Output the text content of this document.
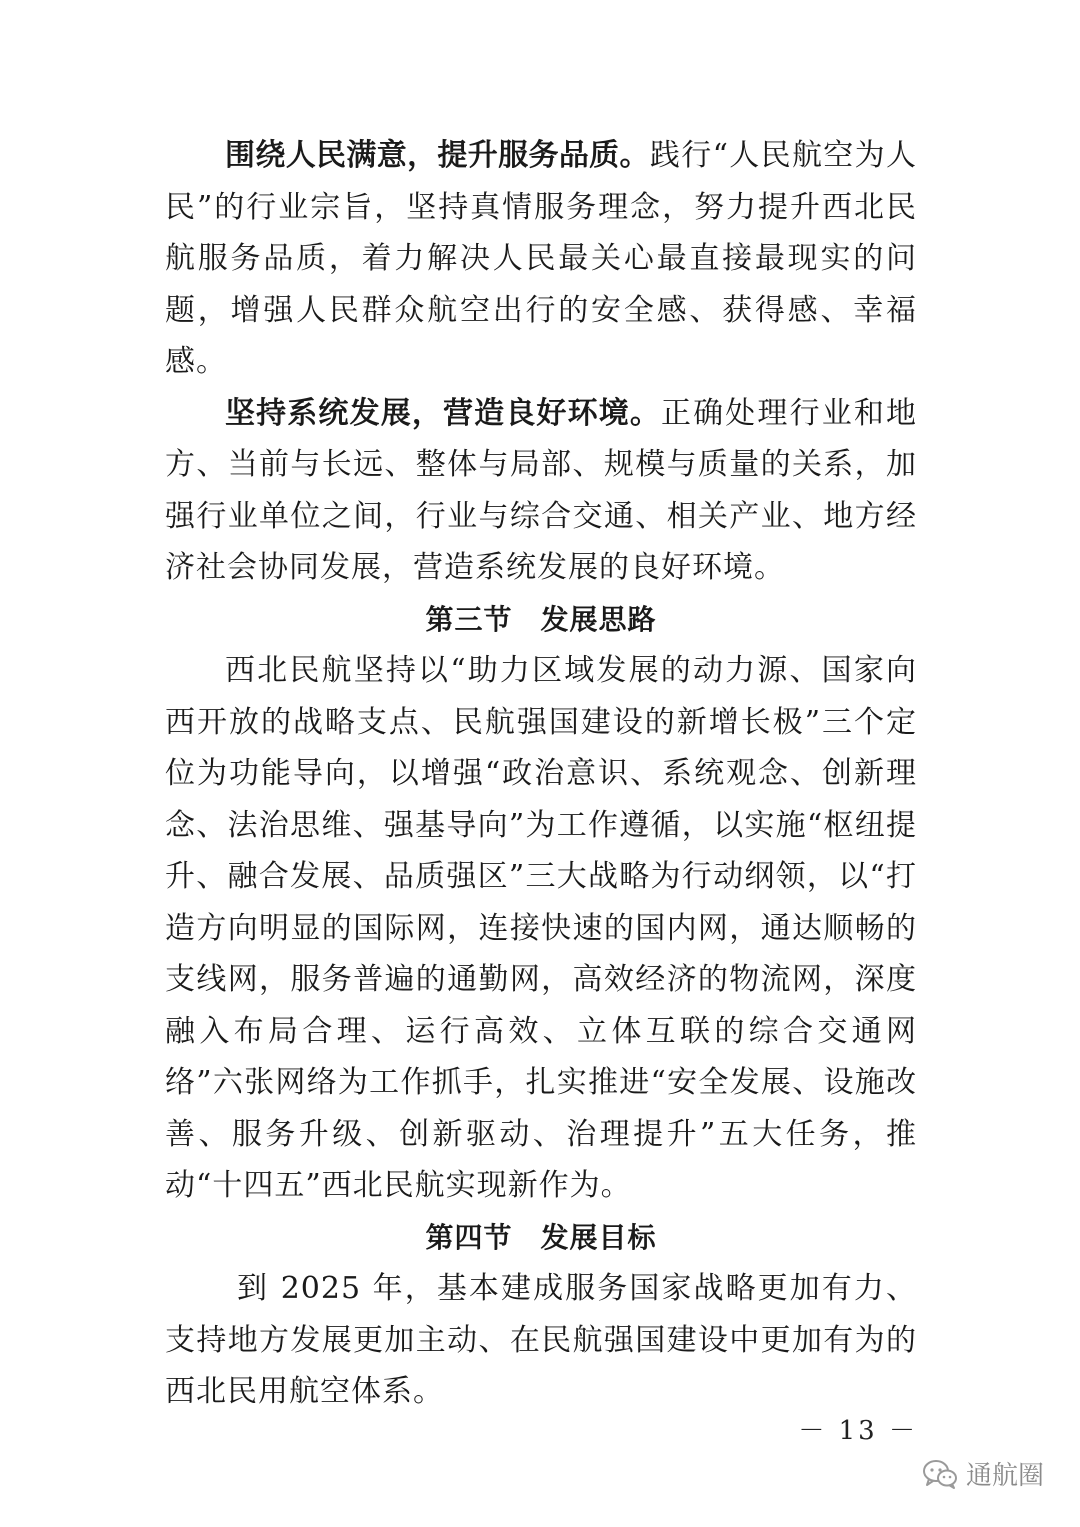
围绕人民满意，提升服务品质。践行“人民航空为人民”的行业宗旨，坚持真情服务理念，努力提升西北民航服务品质，着力解决人民最关心最直接最现实的问题，增强人民群众航空出行的安全感、获得感、幸福感。

坚持系统发展，营造良好环境。正确处理行业和地方、当前与长远、整体与局部、规模与质量的关系，加强行业单位之间，行业与综合交通、相关产业、地方经济社会协同发展，营造系统发展的良好环境。

第三节 发展思路

西北民航坚持以“助力区域发展的动力源、国家向西开放的战略支点、民航强国建设的新增长极”三个定位为功能导向，以增强“政治意识、系统观念、创新理念、法治思维、强基导向”为工作遵循，以实施“枢纽提升、融合发展、品质强区”三大战略为行动纲领，以“打造方向明显的国际网，连接快速的国内网，通达顺畅的支线网，服务普遍的通勤网，高效经济的物流网，深度融入布局合理、运行高效、立体互联的综合交通网络”六张网络为工作抓手，扎实推进“安全发展、设施改善、服务升级、创新驱动、治理提升”五大任务，推动“十四五”西北民航实现新作为。

第四节 发展目标

到 2025 年，基本建成服务国家战略更加有力、支持地方发展更加主动、在民航强国建设中更加有为的西北民用航空体系。

－ 13 －
通航圈
